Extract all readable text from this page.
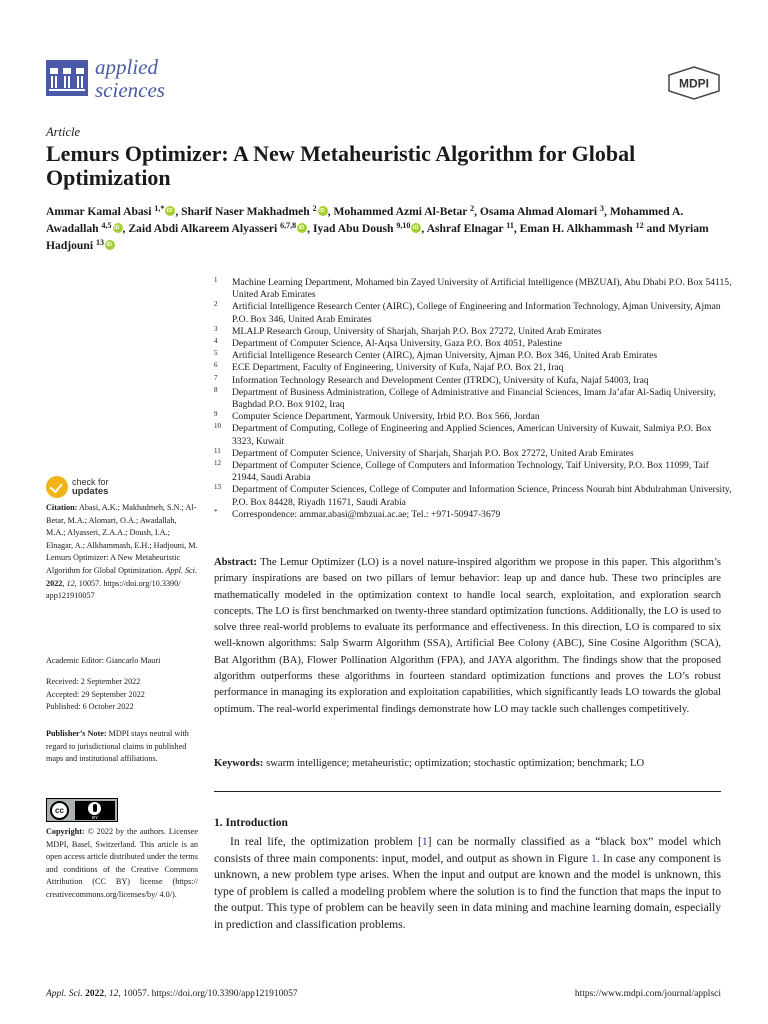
applied
sciences	MDPI
Article
Lemurs Optimizer: A New Metaheuristic Algorithm for Global Optimization
Ammar Kamal Abasi $^{1,*}$ iD , Sharif Naser Makhadmeh $^2$ iD , Mohammed Azmi Al-Betar $^2$, Osama Ahmad Alomari $^3$, Mohammed A. Awadallah $^{4,5}$ iD , Zaid Abdi Alkareem Alyasseri $^{6,7,8}$ iD , Iyad Abu Doush $^{9,10}$ iD , Ashraf Elnagar $^{11}$, Eman H. Alkhammash $^{12}$ and Myriam Hadjouni $^{13}$iD
1 Machine Learning Department, Mohamed bin Zayed University of Artificial Intelligence (MBZUAI), Abu Dhabi P.O. Box 54115, United Arab Emirates
2 Artificial Intelligence Research Center (AIRC), College of Engineering and Information Technology, Ajman University, Ajman P.O. Box 346, United Arab Emirates
3 MLALP Research Group, University of Sharjah, Sharjah P.O. Box 27272, United Arab Emirates
4 Department of Computer Science, Al-Aqsa University, Gaza P.O. Box 4051, Palestine
5 Artificial Intelligence Research Center (AIRC), Ajman University, Ajman P.O. Box 346, United Arab Emirates
6 ECE Department, Faculty of Engineering, University of Kufa, Najaf P.O. Box 21, Iraq
7 Information Technology Research and Development Center (ITRDC), University of Kufa, Najaf 54003, Iraq
8 Department of Business Administration, College of Administrative and Financial Sciences, Imam Ja’afar Al-Sadiq University, Baghdad P.O. Box 9102, Iraq
9 Computer Science Department, Yarmouk University, Irbid P.O. Box 566, Jordan
10 Department of Computing, College of Engineering and Applied Sciences, American University of Kuwait, Salmiya P.O. Box 3323, Kuwait
11 Department of Computer Science, University of Sharjah, Sharjah P.O. Box 27272, United Arab Emirates
12 Department of Computer Science, College of Computers and Information Technology, Taif University, P.O. Box 11099, Taif 21944, Saudi Arabia
13 Department of Computer Sciences, College of Computer and Information Science, Princess Nourah bint Abdulrahman University, P.O. Box 84428, Riyadh 11671, Saudi Arabia
* Correspondence: ammar.abasi@mbzuai.ac.ae; Tel.: +971-50947-3679
check for
updates
Citation: Abasi, A.K.; Makhadmeh, S.N.; Al-Betar, M.A.; Alomari, O.A.; Awadallah, M.A.; Alyasseri, Z.A.A.; Doush, I.A.; Elnagar, A.; Alkhammash, E.H.; Hadjouni, M. Lemurs Optimizer: A New Metaheuristic Algorithm for Global Optimization. Appl. Sci. 2022, 12, 10057. https://doi.org/10.3390/ app121910057
Academic Editor: Giancarlo Mauri
Received: 2 September 2022
Accepted: 29 September 2022
Published: 6 October 2022
Publisher’s Note: MDPI stays neutral with regard to jurisdictional claims in published maps and institutional affiliations.
cc
BY
Copyright: © 2022 by the authors. Licensee MDPI, Basel, Switzerland. This article is an open access article distributed under the terms and conditions of the Creative Commons Attribution (CC BY) license (https:// creativecommons.org/licenses/by/ 4.0/).
Abstract: The Lemur Optimizer (LO) is a novel nature-inspired algorithm we propose in this paper. This algorithm’s primary inspirations are based on two pillars of lemur behavior: leap up and dance hub. These two principles are mathematically modeled in the optimization context to handle local search, exploitation, and exploration search concepts. The LO is first benchmarked on twenty-three standard optimization functions. Additionally, the LO is used to solve three real-world problems to evaluate its performance and effectiveness. In this direction, LO is compared to six well-known algorithms: Salp Swarm Algorithm (SSA), Artificial Bee Colony (ABC), Sine Cosine Algorithm (SCA), Bat Algorithm (BA), Flower Pollination Algorithm (FPA), and JAYA algorithm. The findings show that the proposed algorithm outperforms these algorithms in fourteen standard optimization functions and proves the LO’s robust performance in managing its exploration and exploitation capabilities, which significantly leads LO towards the global optimum. The real-world experimental findings demonstrate how LO may tackle such challenges competitively.
Keywords: swarm intelligence; metaheuristic; optimization; stochastic optimization; benchmark; LO
1. Introduction

In real life, the optimization problem [1] can be normally classified as a “black box” model which consists of three main components: input, model, and output as shown in Figure 1. In case any component is unknown, a new problem type arises. When the input and output are known and the model is unknown, this type of problem is called a modeling problem where the solution is to find the function that maps the input to the output. This type of problem can be heavily seen in data mining and machine learning domain, especially in prediction and classification problems.

Appl. Sci. 2022, 12, 10057. https://doi.org/10.3390/app121910057	https://www.mdpi.com/journal/applsci
